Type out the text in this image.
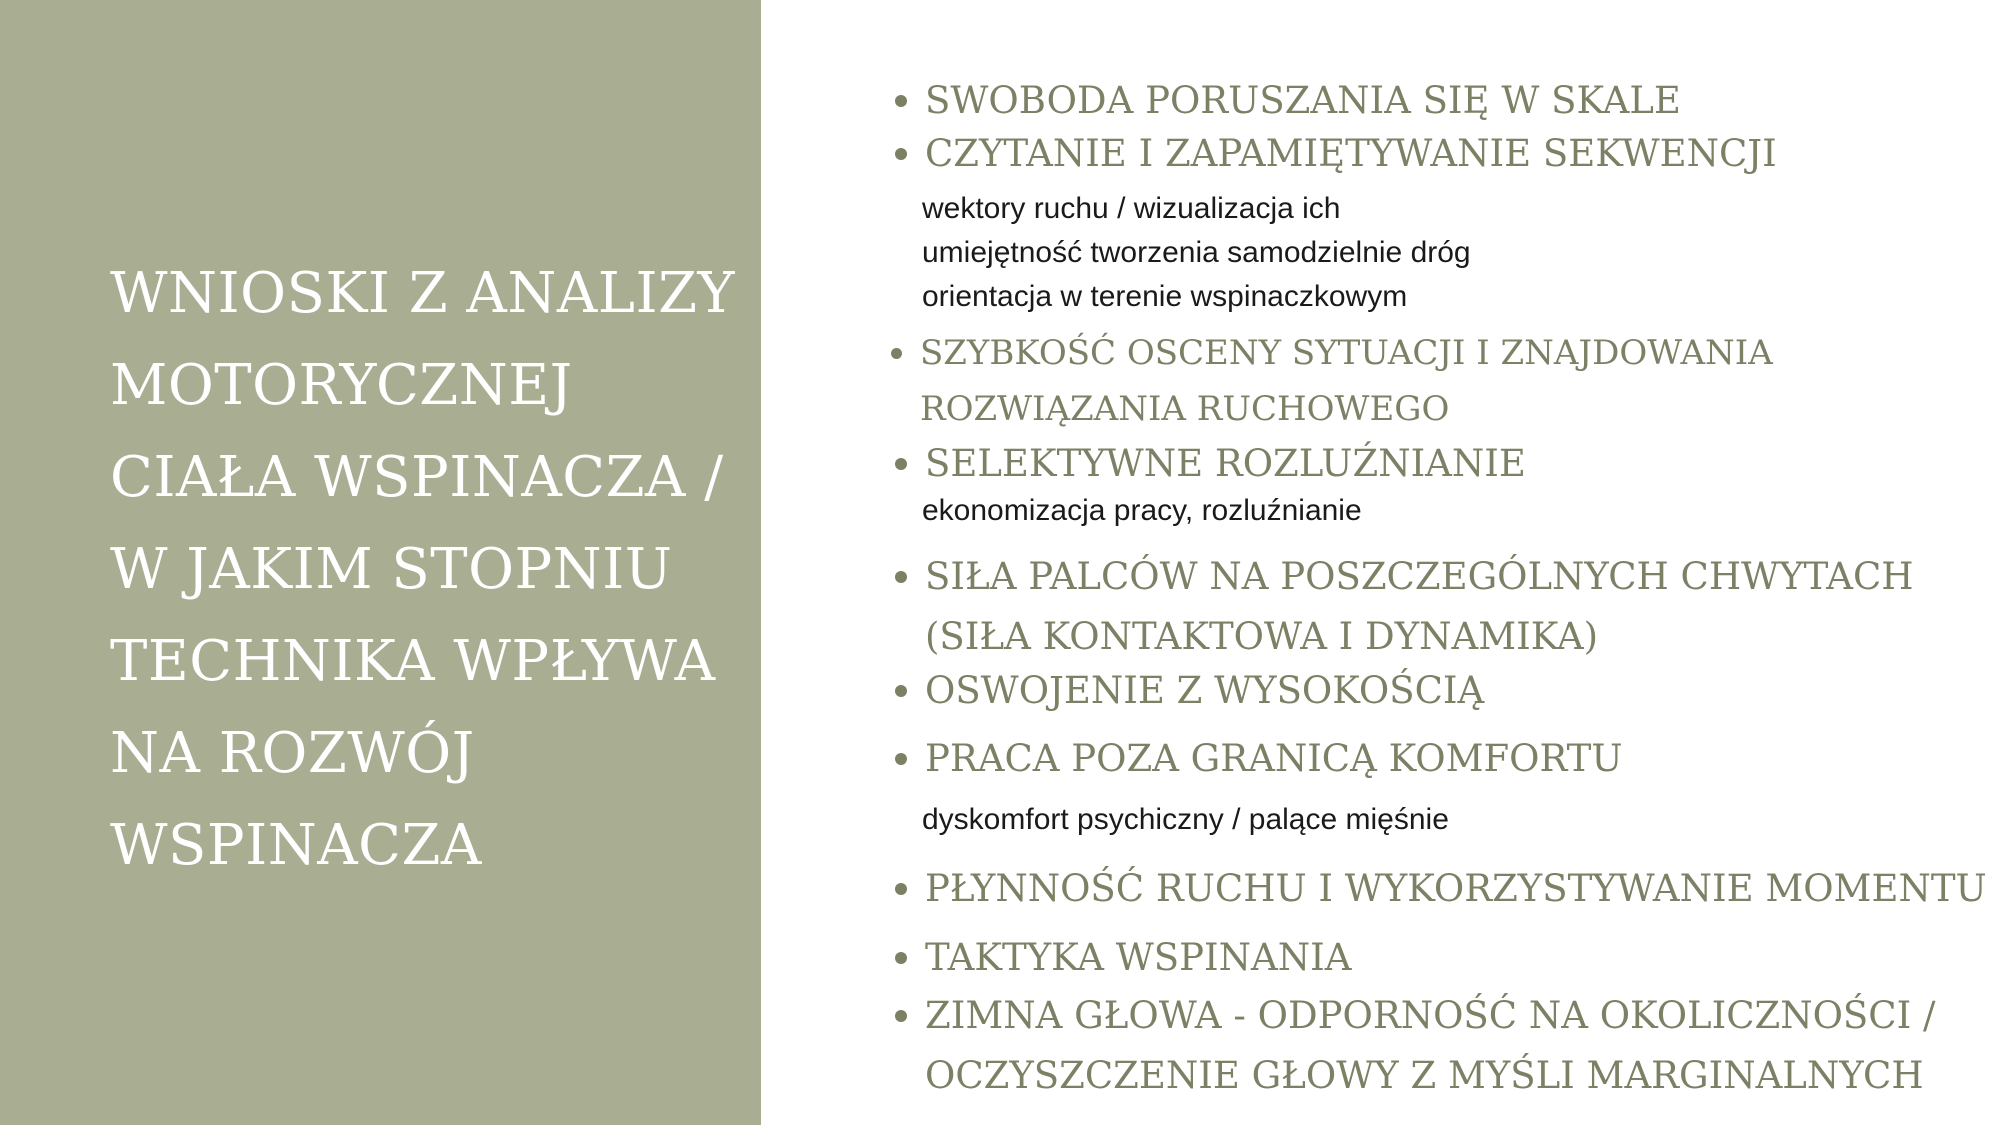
WNIOSKI Z ANALIZY
MOTORYCZNEJ
CIAŁA WSPINACZA /
W JAKIM STOPNIU
TECHNIKA WPŁYWA
NA ROZWÓJ
WSPINACZA
SWOBODA PORUSZANIA SIĘ W SKALE
CZYTANIE I ZAPAMIĘTYWANIE SEKWENCJI
wektory ruchu / wizualizacja ich
umiejętność tworzenia samodzielnie dróg
orientacja w terenie wspinaczkowym
SZYBKOŚĆ OSCENY SYTUACJI I ZNAJDOWANIA
ROZWIĄZANIA RUCHOWEGO
SELEKTYWNE ROZLUŹNIANIE
ekonomizacja pracy, rozluźnianie
SIŁA PALCÓW NA POSZCZEGÓLNYCH CHWYTACH
(SIŁA KONTAKTOWA I DYNAMIKA)
OSWOJENIE Z WYSOKOŚCIĄ
PRACA POZA GRANICĄ KOMFORTU
dyskomfort psychiczny / palące mięśnie
PŁYNNOŚĆ RUCHU I WYKORZYSTYWANIE MOMENTU
TAKTYKA WSPINANIA
ZIMNA GŁOWA - ODPORNOŚĆ NA OKOLICZNOŚCI /
OCZYSZCZENIE GŁOWY Z MYŚLI MARGINALNYCH
